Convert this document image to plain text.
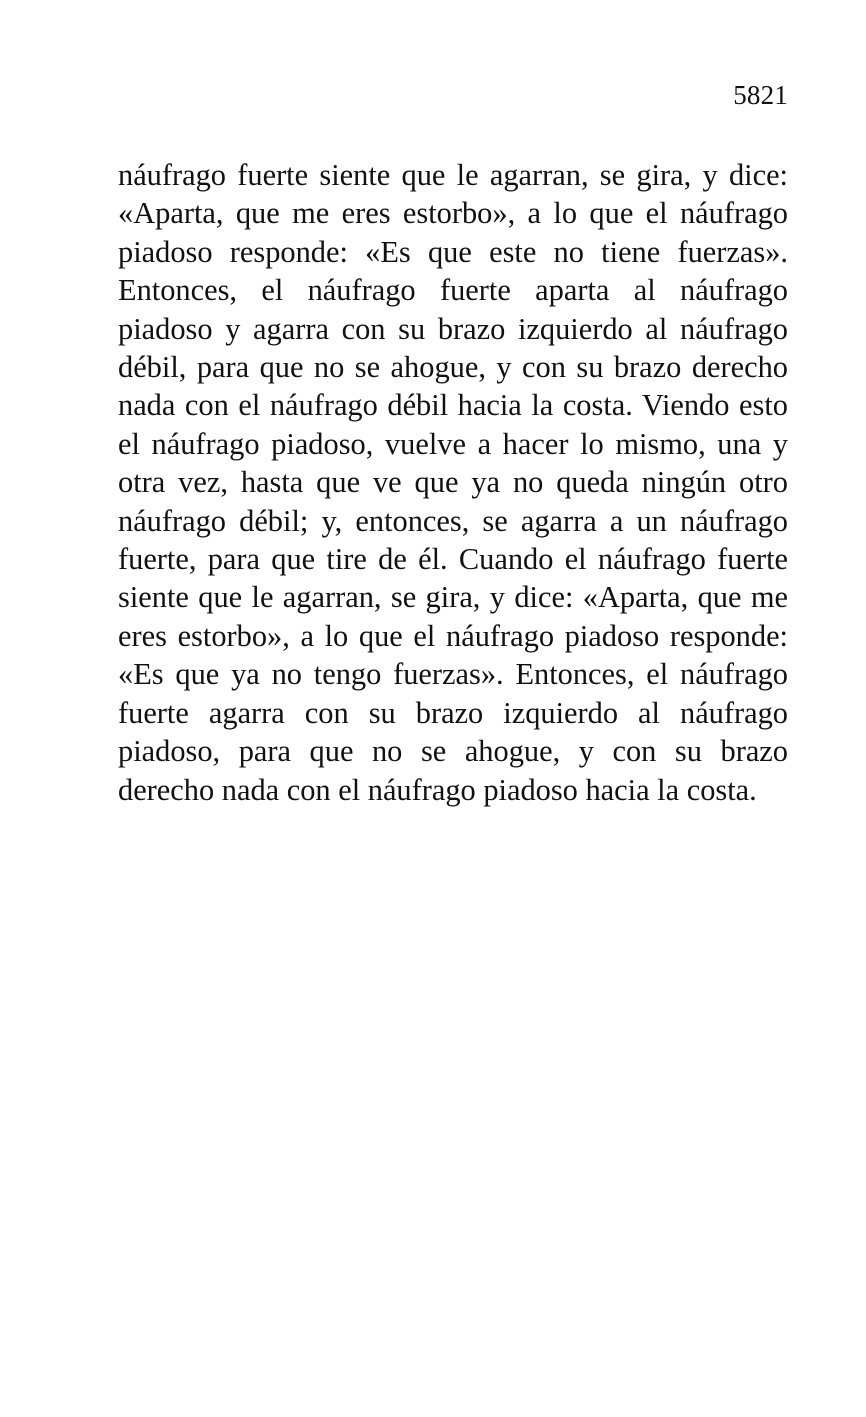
5821

náufrago fuerte siente que le agarran, se gira, y dice: «Aparta, que me eres estorbo», a lo que el náufrago piadoso responde: «Es que este no tiene fuerzas». Entonces, el náufrago fuerte aparta al náufrago piadoso y agarra con su brazo izquierdo al náufrago débil, para que no se ahogue, y con su brazo derecho nada con el náufrago débil hacia la costa. Viendo esto el náufrago piadoso, vuelve a hacer lo mismo, una y otra vez, hasta que ve que ya no queda ningún otro náufrago débil; y, entonces, se agarra a un náufrago fuerte, para que tire de él. Cuando el náufrago fuerte siente que le agarran, se gira, y dice: «Aparta, que me eres estorbo», a lo que el náufrago piadoso responde: «Es que ya no tengo fuerzas». Entonces, el náufrago fuerte agarra con su brazo izquierdo al náufrago piadoso, para que no se ahogue, y con su brazo derecho nada con el náufrago piadoso hacia la costa.
